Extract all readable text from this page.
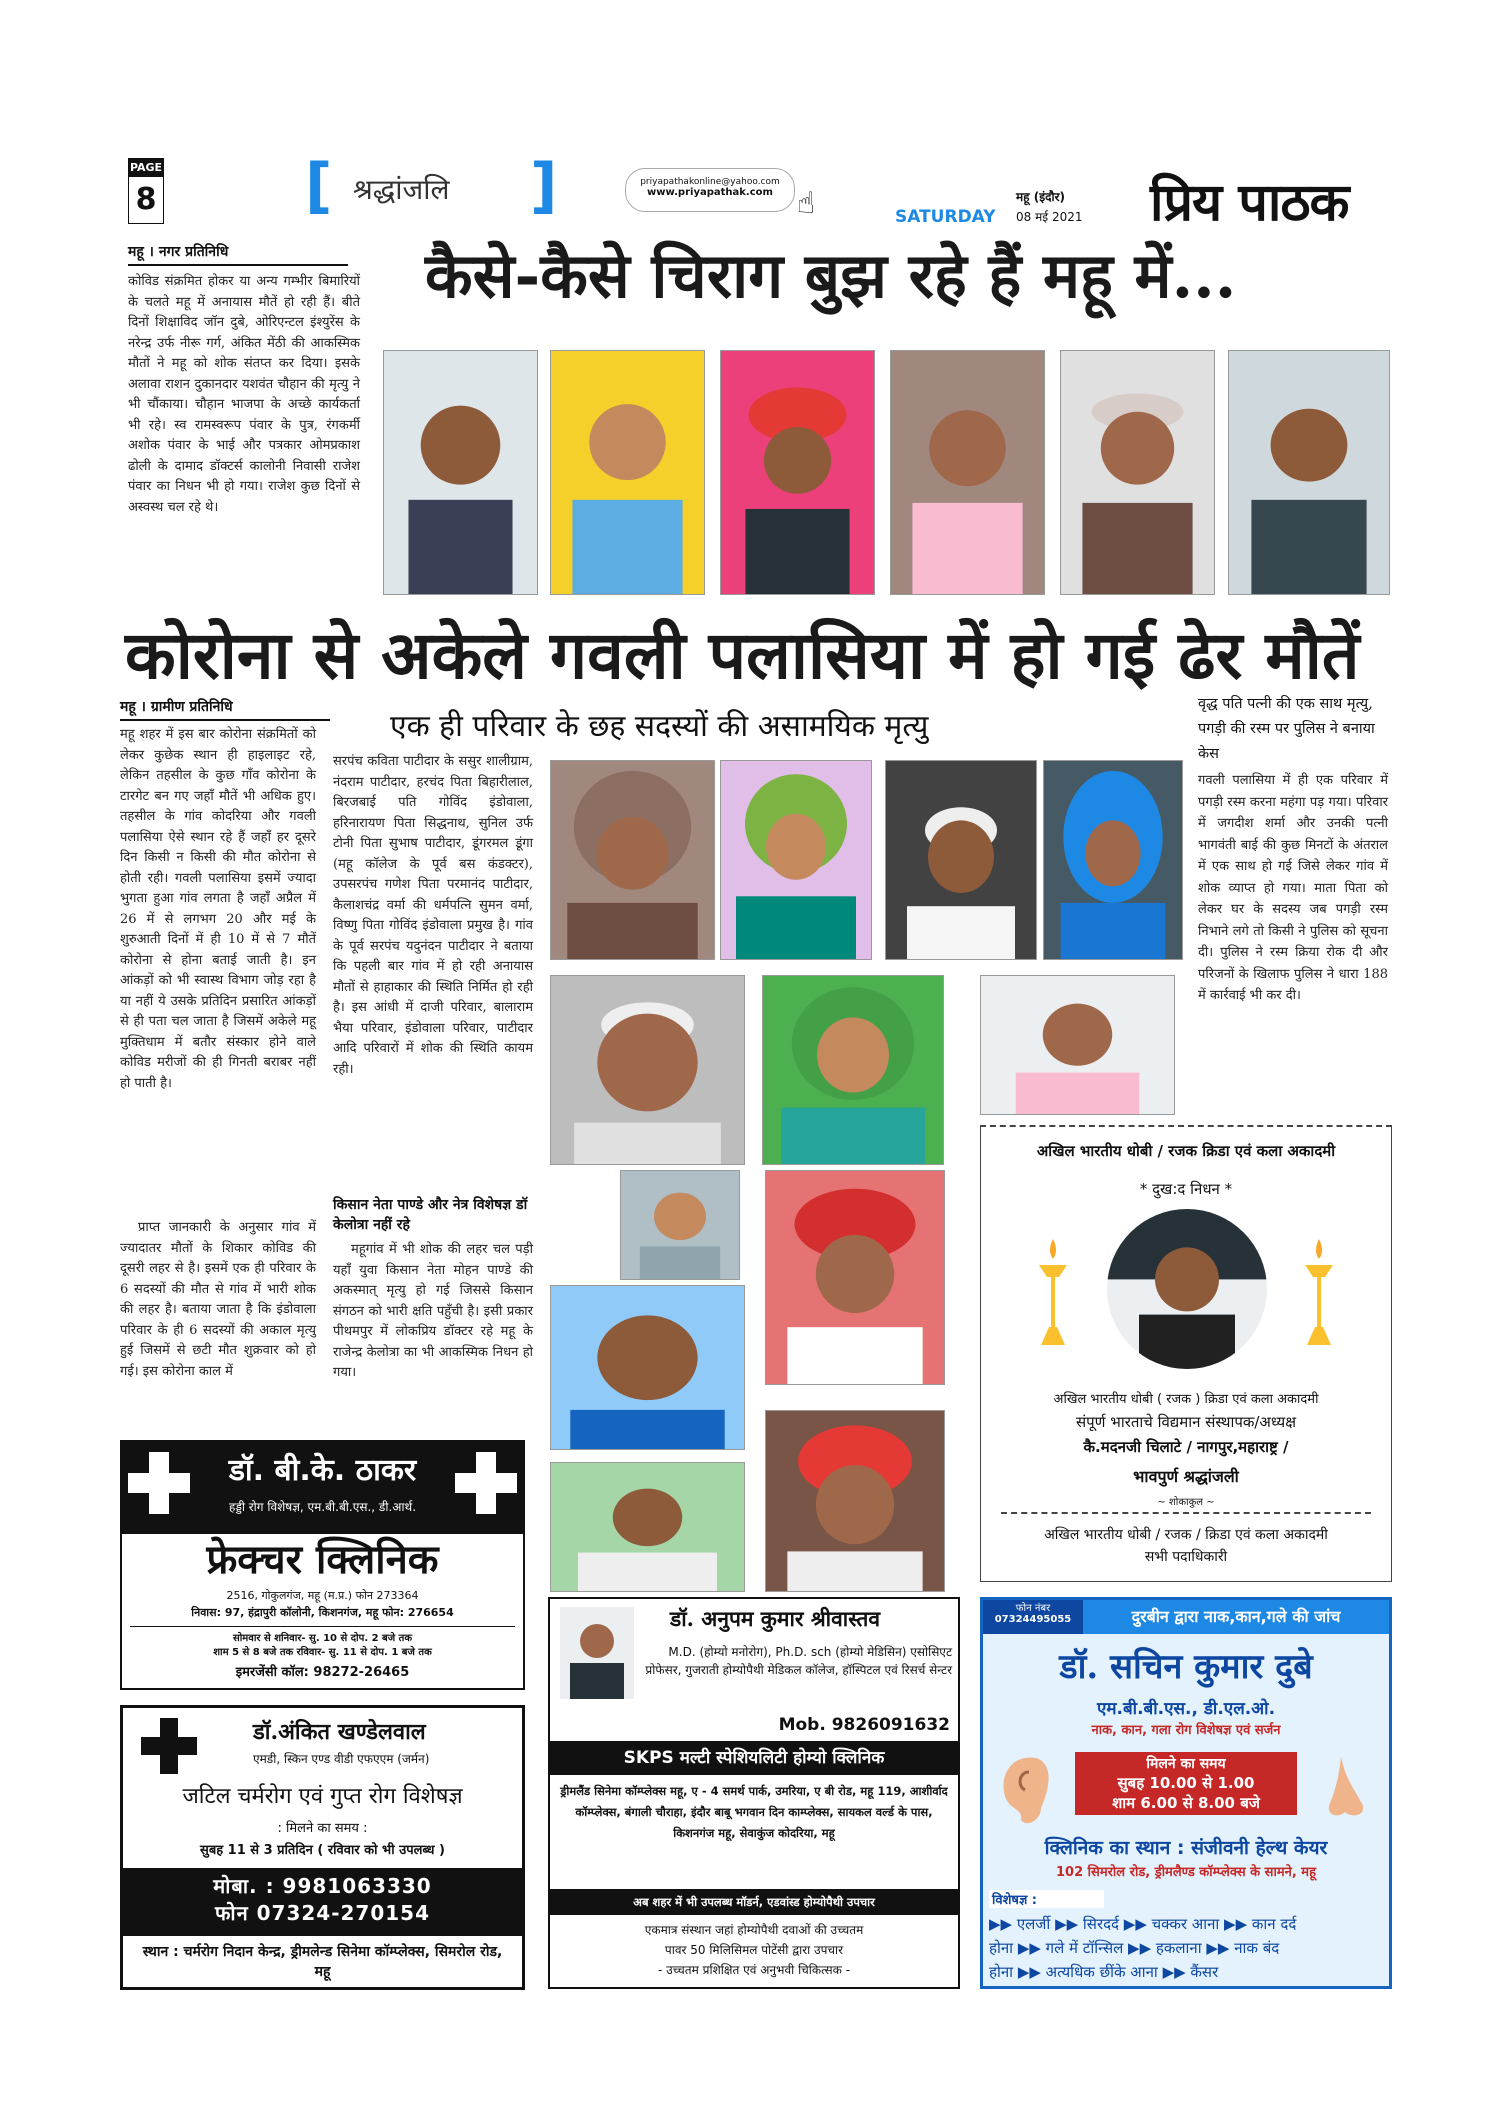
PAGE
8 [ श्रद्धांजलि ]	priyapathakonline@yahoo.com
www.priyapathak.com ☝	SATURDAY
महू (इंदौर)
08 मई 2021 प्रिय पाठक
महू । नगर प्रतिनिधि
कोविड संक्रमित होकर या अन्य गम्भीर बिमारियों के चलते महू में अनायास मौतें हो रही हैं। बीते दिनों शिक्षाविद जॉन दुबे, ओरिएन्टल इंश्युरेंस के नरेन्द्र उर्फ नीरू गर्ग, अंकित मेंठी की आकस्मिक मौतों ने महू को शोक संतप्त कर दिया। इसके अलावा राशन दुकानदार यशवंत चौहान की मृत्यु ने भी चौंकाया। चौहान भाजपा के अच्छे कार्यकर्ता भी रहे। स्व रामस्वरूप पंवार के पुत्र, रंगकर्मी अशोक पंवार के भाई और पत्रकार ओमप्रकाश ढोली के दामाद डॉक्टर्स कालोनी निवासी राजेश पंवार का निधन भी हो गया। राजेश कुछ दिनों से अस्वस्थ चल रहे थे।
कैसे-कैसे चिराग बुझ रहे हैं महू में...
कोरोना से अकेले गवली पलासिया में हो गई ढेर मौतें
एक ही परिवार के छह सदस्यों की असामयिक मृत्यु
महू । ग्रामीण प्रतिनिधि
महू शहर में इस बार कोरोना संक्रमितों को लेकर कुछेक स्थान ही हाइलाइट रहे, लेकिन तहसील के कुछ गाँव कोरोना के टारगेट बन गए जहाँ मौतें भी अधिक हुए। तहसील के गांव कोदरिया और गवली पलासिया ऐसे स्थान रहे हैं जहाँ हर दूसरे दिन किसी न किसी की मौत कोरोना से होती रही। गवली पलासिया इसमें ज्यादा भुगता हुआ गांव लगता है जहाँ अप्रैल में 26 में से लगभग 20 और मई के शुरुआती दिनों में ही 10 में से 7 मौतें कोरोना से होना बताई जाती है। इन आंकड़ों को भी स्वास्थ विभाग जोड़ रहा है या नहीं ये उसके प्रतिदिन प्रसारित आंकड़ों से ही पता चल जाता है जिसमें अकेले महू मुक्तिधाम में बतौर संस्कार होने वाले कोविड मरीजों की ही गिनती बराबर नहीं हो पाती है।
प्राप्त जानकारी के अनुसार गांव में ज्यादातर मौतों के शिकार कोविड की दूसरी लहर से है। इसमें एक ही परिवार के 6 सदस्यों की मौत से गांव में भारी शोक की लहर है। बताया जाता है कि इंडोवाला परिवार के ही 6 सदस्यों की अकाल मृत्यु हुई जिसमें से छटी मौत शुक्रवार को हो गई। इस कोरोना काल में
सरपंच कविता पाटीदार के ससुर शालीग्राम, नंदराम पाटीदार, हरचंद पिता बिहारीलाल, बिरजबाई पति गोविंद इंडोवाला, हरिनारायण पिता सिद्धनाथ, सुनिल उर्फ टोनी पिता सुभाष पाटीदार, डूंगरमल डूंगा (महू कॉलेज के पूर्व बस कंडक्टर), उपसरपंच गणेश पिता परमानंद पाटीदार, कैलाशचंद्र वर्मा की धर्मपत्नि सुमन वर्मा, विष्णु पिता गोविंद इंडोवाला प्रमुख है। गांव के पूर्व सरपंच यदुनंदन पाटीदार ने बताया कि पहली बार गांव में हो रही अनायास मौतों से हाहाकार की स्थिति निर्मित हो रही है। इस आंधी में दाजी परिवार, बालाराम भैया परिवार, इंडोवाला परिवार, पाटीदार आदि परिवारों में शोक की स्थिति कायम रही।
किसान नेता पाण्डे और नेत्र विशेषज्ञ डॉ केलोत्रा नहीं रहे
महूगांव में भी शोक की लहर चल पड़ी यहाँ युवा किसान नेता मोहन पाण्डे की अकस्मात् मृत्यु हो गई जिससे किसान संगठन को भारी क्षति पहुँची है। इसी प्रकार पीथमपुर में लोकप्रिय डॉक्टर रहे महू के राजेन्द्र केलोत्रा का भी आकस्मिक निधन हो गया।
वृद्ध पति पत्नी की एक साथ मृत्यु, पगड़ी की रस्म पर पुलिस ने बनाया केस
गवली पलासिया में ही एक परिवार में पगड़ी रस्म करना महंगा पड़ गया। परिवार में जगदीश शर्मा और उनकी पत्नी भागवंती बाई की कुछ मिनटों के अंतराल में एक साथ हो गई जिसे लेकर गांव में शोक व्याप्त हो गया। माता पिता को लेकर घर के सदस्य जब पगड़ी रस्म निभाने लगे तो किसी ने पुलिस को सूचना दी। पुलिस ने रस्म क्रिया रोक दी और परिजनों के खिलाफ पुलिस ने धारा 188 में कार्रवाई भी कर दी।
अखिल भारतीय धोबी / रजक क्रिडा एवं कला अकादमी
* दुख:द निधन *
अखिल भारतीय धोबी ( रजक ) क्रिडा एवं कला अकादमी
संपूर्ण भारताचे विद्यमान संस्थापक/अध्यक्ष
कै.मदनजी चिलाटे / नागपुर,महाराष्ट्र /
भावपुर्ण श्रद्धांजली
~ शोकाकुल ~
अखिल भारतीय धोबी / रजक / क्रिडा एवं कला अकादमी
सभी पदाधिकारी
डॉ. बी.के. ठाकर
हड्डी रोग विशेषज्ञ, एम.बी.बी.एस., डी.आर्थ.
फ्रेक्चर क्लिनिक
2516, गोकुलगंज, महू (म.प्र.) फोन 273364
निवास: 97, हंद्रापुरी कॉलोनी, किशनगंज, महू फोन: 276654
सोमवार से शनिवार- सु. 10 से दोप. 2 बजे तक
शाम 5 से 8 बजे तक रविवार- सु. 11 से दोप. 1 बजे तक
इमरजेंसी कॉल: 98272-26465
डॉ.अंकित खण्डेलवाल
एमडी, स्किन एण्ड वीडी एफएएम (जर्मन)
जटिल चर्मरोग एवं गुप्त रोग विशेषज्ञ
: मिलने का समय :
सुबह 11 से 3 प्रतिदिन ( रविवार को भी उपलब्ध )
मोबा. : 9981063330
फोन 07324-270154
स्थान : चर्मरोग निदान केन्द्र, ड्रीमलेन्ड सिनेमा कॉम्प्लेक्स, सिमरोल रोड, महू
डॉ. अनुपम कुमार श्रीवास्तव
M.D. (होम्यो मनोरोग), Ph.D. sch (होम्यो मेडिसिन) एसोसिएट प्रोफेसर, गुजराती होम्योपैथी मेडिकल कॉलेज, हॉस्पिटल एवं रिसर्च सेन्टर
Mob. 9826091632
SKPS मल्टी स्पेशियलिटी होम्यो क्लिनिक
ड्रीमलैंड सिनेमा कॉम्प्लेक्स महू, ए - 4 समर्थ पार्क, उमरिया, ए बी रोड, महू 119, आशीर्वाद कॉम्प्लेक्स, बंगाली चौराहा, इंदौर बाबू भगवान दिन काम्प्लेक्स, सायकल वर्ल्ड के पास, किशनगंज महू, सेवाकुंज कोदरिया, महू
अब शहर में भी उपलब्ध मॉडर्न, एडवांस्ड होम्योपैथी उपचार
एकमात्र संस्थान जहां होम्योपैथी दवाओं की उच्चतम
पावर 50 मिलिसिमल पोटेंसी द्वारा उपचार
- उच्चतम प्रशिक्षित एवं अनुभवी चिकित्सक -
फोन नंबर
07324495055	दुरबीन द्वारा नाक,कान,गले की जांच
डॉ. सचिन कुमार दुबे
एम.बी.बी.एस., डी.एल.ओ.
नाक, कान, गला रोग विशेषज्ञ एवं सर्जन
मिलने का समय
सुबह 10.00 से 1.00
शाम 6.00 से 8.00 बजे
क्लिनिक का स्थान : संजीवनी हेल्थ केयर
102 सिमरोल रोड, ड्रीमलैण्ड कॉम्प्लेक्स के सामने, महू
विशेषज्ञ :
▶▶ एलर्जी ▶▶ सिरदर्द ▶▶ चक्कर आना ▶▶ कान दर्द
होना ▶▶ गले में टॉन्सिल ▶▶ हकलाना ▶▶ नाक बंद
होना ▶▶ अत्यधिक छींके आना ▶▶ कैंसर
